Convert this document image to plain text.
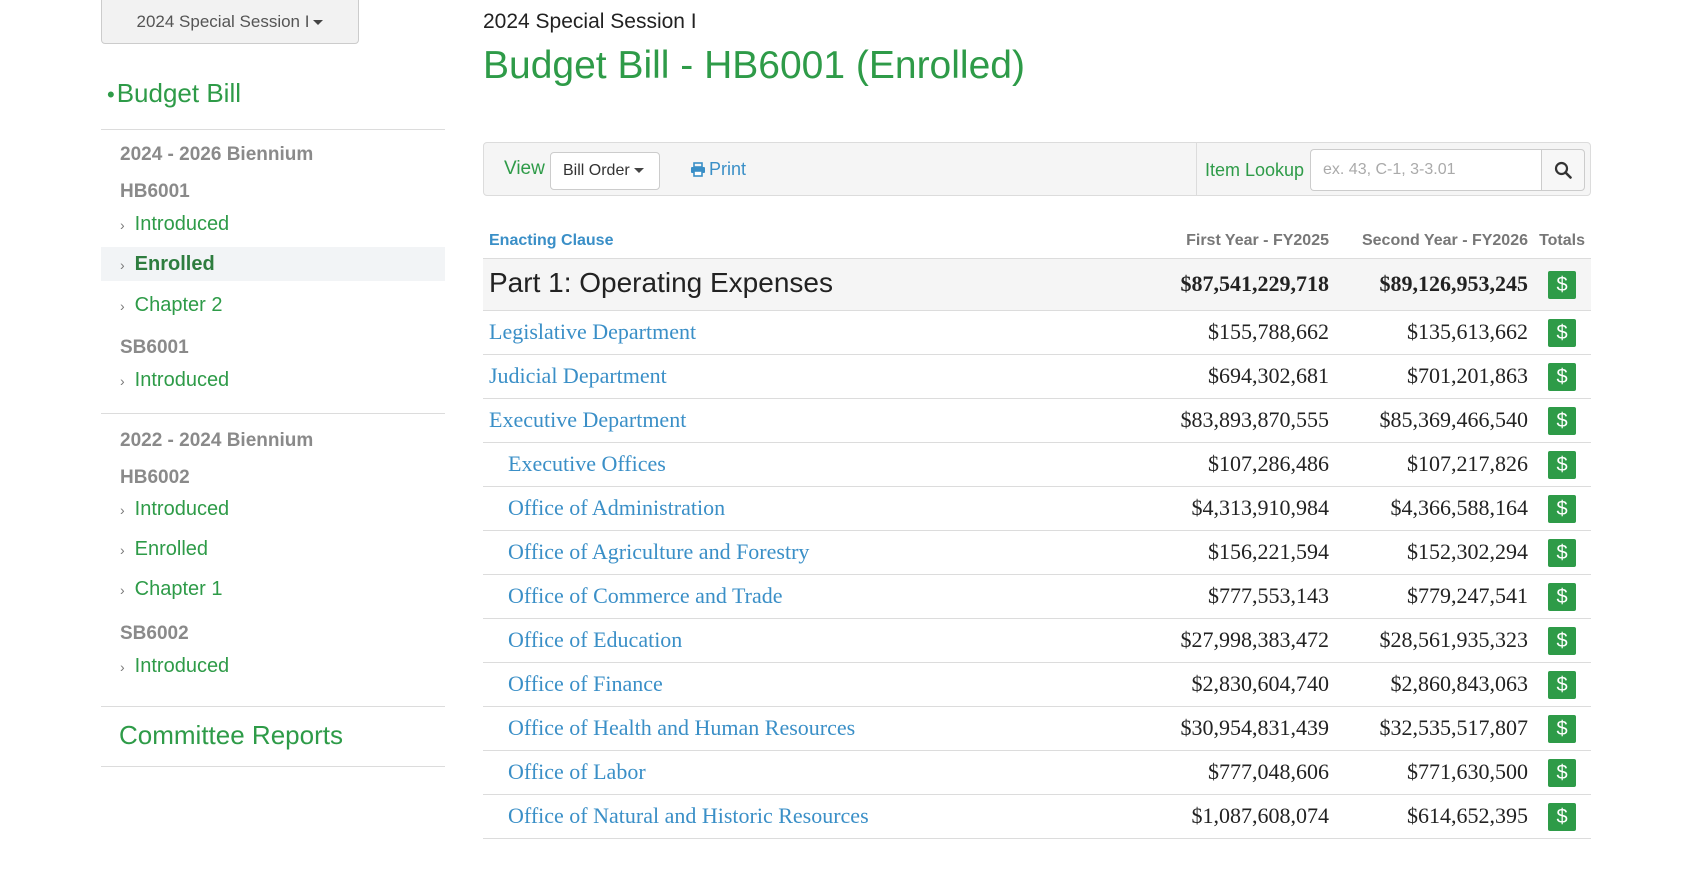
2024 Special Session I
•Budget Bill
2024 - 2026 Biennium
HB6001
› Introduced
› Enrolled
› Chapter 2
SB6001
› Introduced
2022 - 2024 Biennium
HB6002
› Introduced
› Enrolled
› Chapter 1
SB6002
› Introduced
Committee Reports
2024 Special Session I
Budget Bill - HB6001 (Enrolled)
View	Bill Order	Print	Item Lookup
ex. 43, C-1, 3-3.01
Enacting Clause	First Year - FY2025 Second Year - FY2026 Totals
Part 1: Operating Expenses	$87,541,229,718 $89,126,953,245	$
Legislative Department	$155,788,662	$135,613,662	$
Judicial Department	$694,302,681	$701,201,863	$
Executive Department	$83,893,870,555 $85,369,466,540	$
Executive Offices	$107,286,486	$107,217,826	$
Office of Administration	$4,313,910,984	$4,366,588,164	$
Office of Agriculture and Forestry	$156,221,594	$152,302,294	$
Office of Commerce and Trade	$777,553,143	$779,247,541	$
Office of Education	$27,998,383,472 $28,561,935,323	$
Office of Finance	$2,830,604,740	$2,860,843,063	$
Office of Health and Human Resources	$30,954,831,439 $32,535,517,807	$
Office of Labor	$777,048,606	$771,630,500	$
Office of Natural and Historic Resources	$1,087,608,074	$614,652,395	$
